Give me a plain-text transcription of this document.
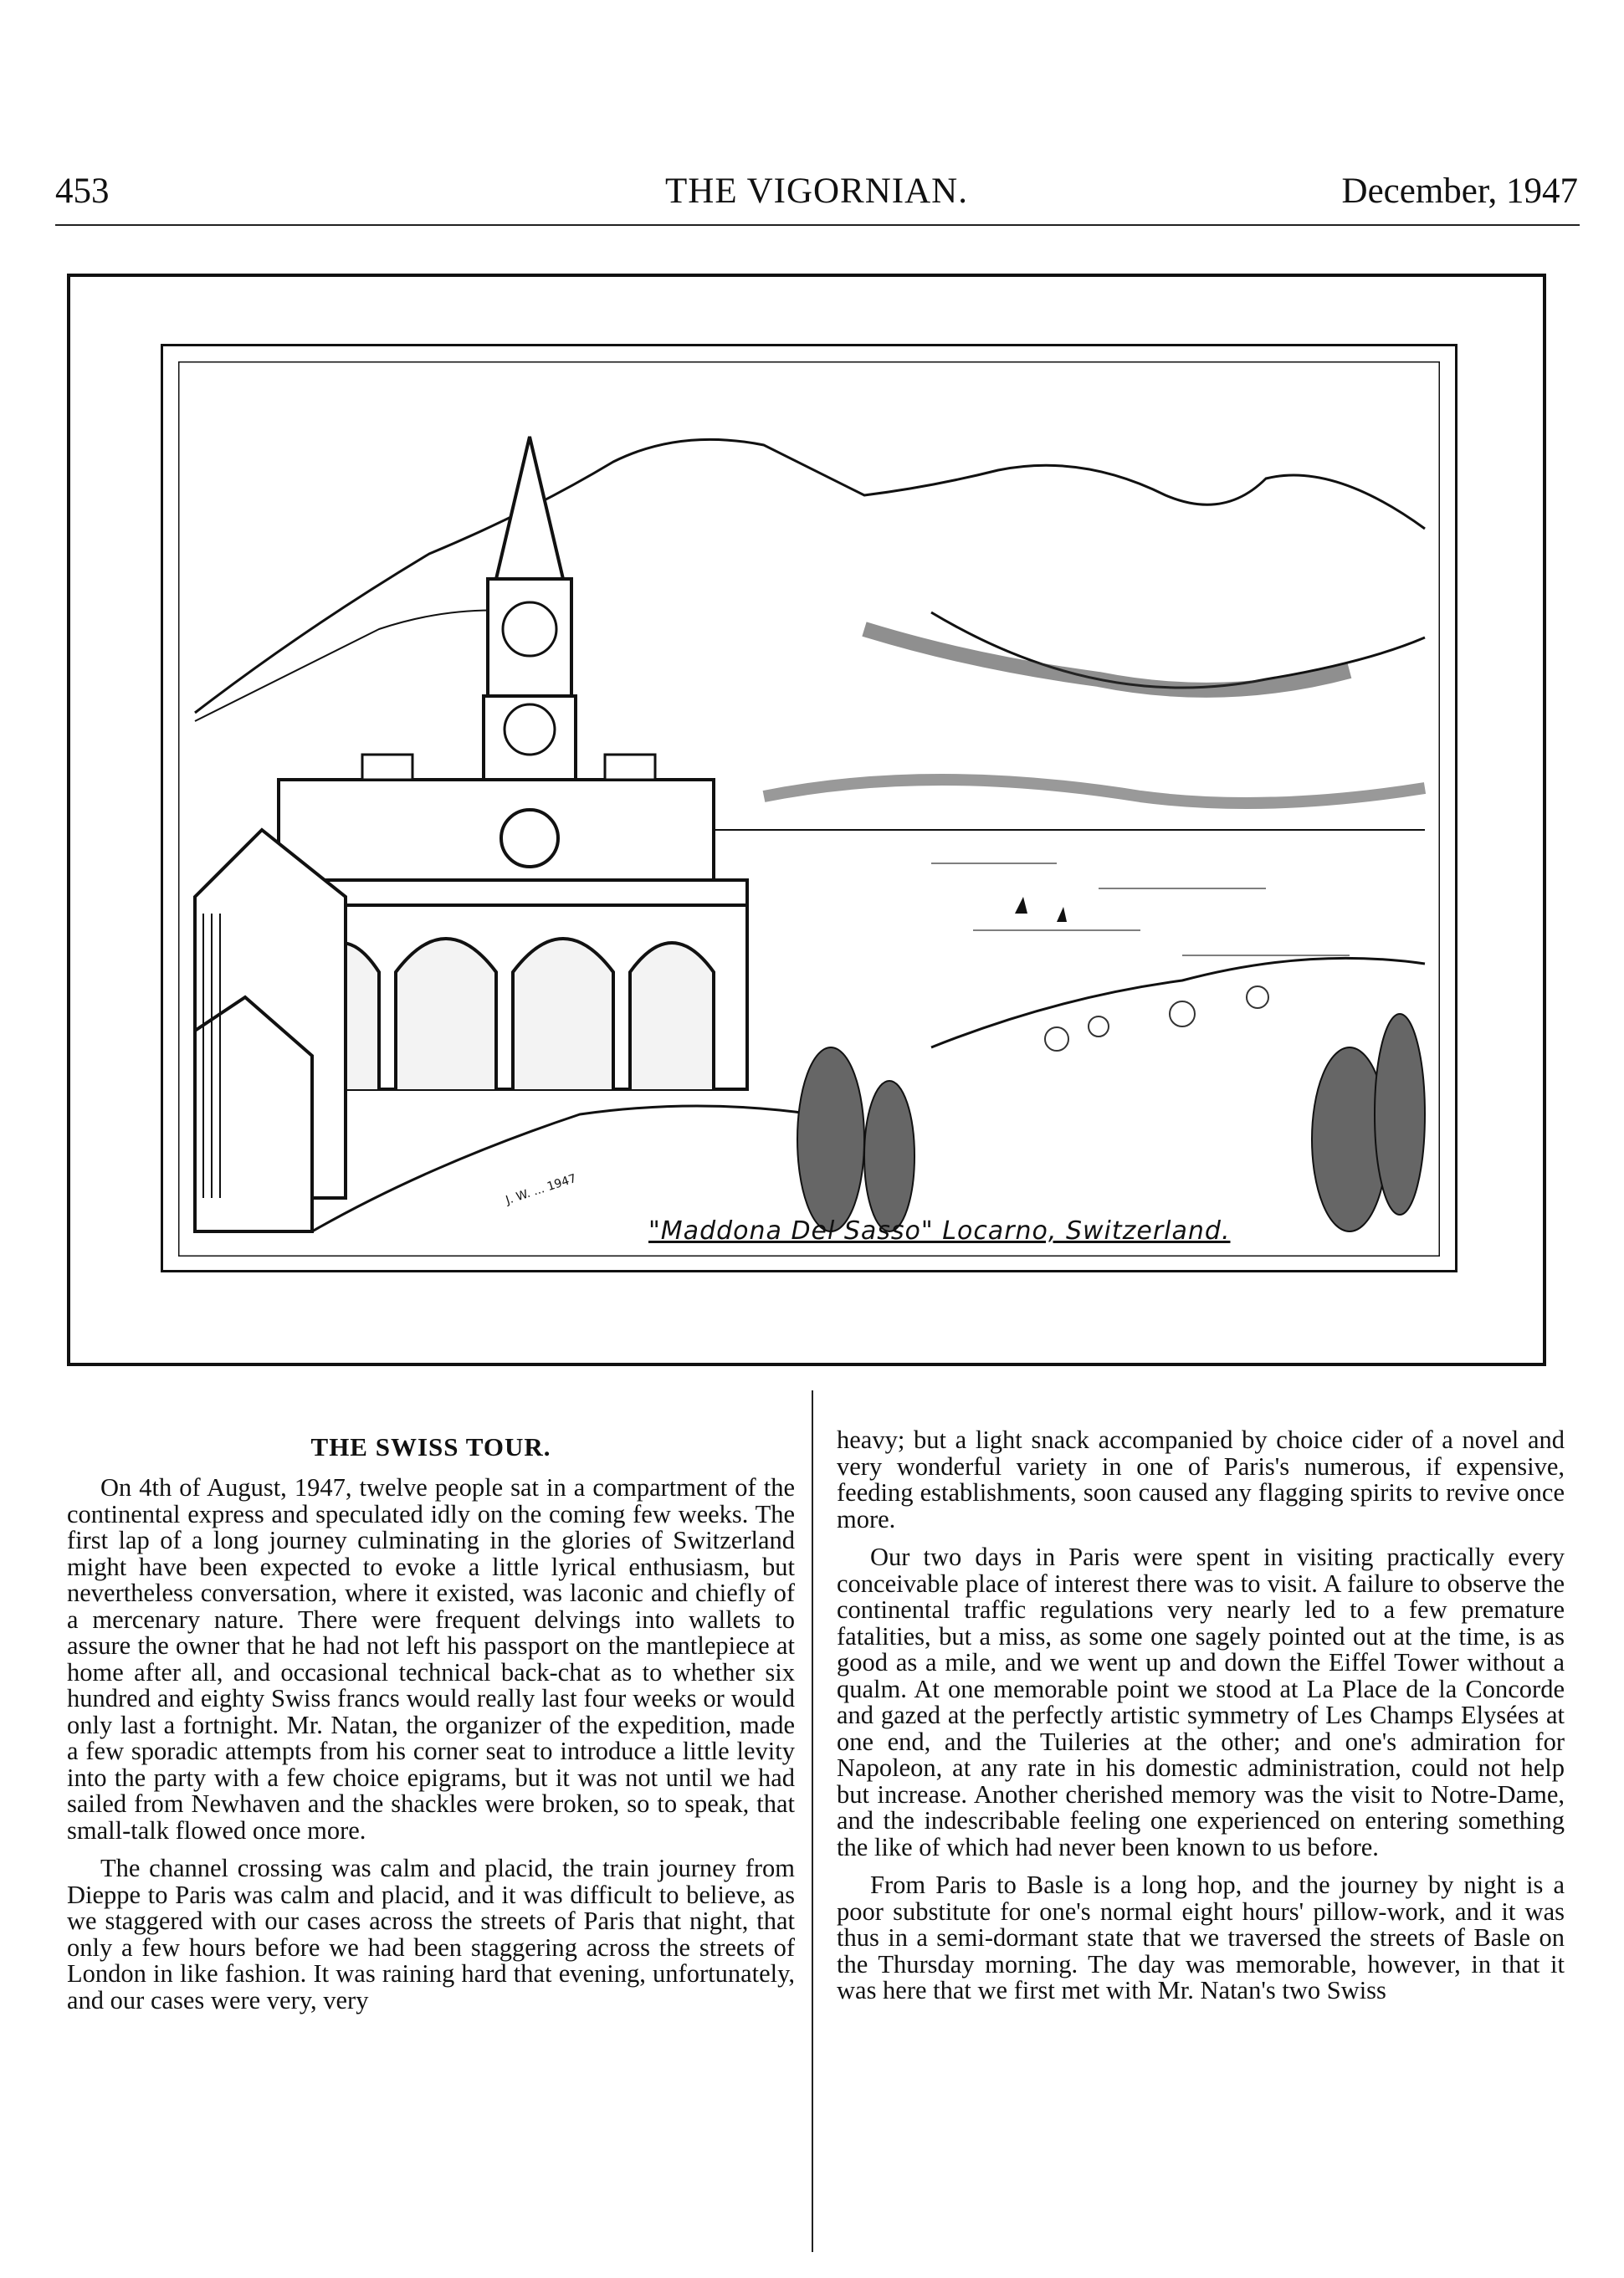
453	THE VIGORNIAN.	December, 1947
J. W. ... 1947
"Maddona Del Sasso" Locarno, Switzerland.
THE SWISS TOUR.

On 4th of August, 1947, twelve people sat in a compartment of the continental express and speculated idly on the coming few weeks. The first lap of a long journey culminating in the glories of Switzerland might have been expected to evoke a little lyrical enthusiasm, but nevertheless conversation, where it existed, was laconic and chiefly of a mercenary nature. There were frequent delvings into wallets to assure the owner that he had not left his passport on the mantlepiece at home after all, and occasional technical back-chat as to whether six hundred and eighty Swiss francs would really last four weeks or would only last a fortnight. Mr. Natan, the organizer of the expedition, made a few sporadic attempts from his corner seat to introduce a little levity into the party with a few choice epigrams, but it was not until we had sailed from Newhaven and the shackles were broken, so to speak, that small-talk flowed once more.

The channel crossing was calm and placid, the train journey from Dieppe to Paris was calm and placid, and it was difficult to believe, as we staggered with our cases across the streets of Paris that night, that only a few hours before we had been staggering across the streets of London in like fashion. It was raining hard that evening, unfortunately, and our cases were very, very

heavy; but a light snack accompanied by choice cider of a novel and very wonderful variety in one of Paris's numerous, if expensive, feeding establishments, soon caused any flagging spirits to revive once more.

Our two days in Paris were spent in visiting practically every conceivable place of interest there was to visit. A failure to observe the continental traffic regulations very nearly led to a few premature fatalities, but a miss, as some one sagely pointed out at the time, is as good as a mile, and we went up and down the Eiffel Tower without a qualm. At one memorable point we stood at La Place de la Concorde and gazed at the perfectly artistic symmetry of Les Champs Elysées at one end, and the Tuileries at the other; and one's admiration for Napoleon, at any rate in his domestic administration, could not help but increase. Another cherished memory was the visit to Notre-Dame, and the indescribable feeling one experienced on entering something the like of which had never been known to us before.

From Paris to Basle is a long hop, and the journey by night is a poor substitute for one's normal eight hours' pillow-work, and it was thus in a semi-dormant state that we traversed the streets of Basle on the Thursday morning. The day was memorable, however, in that it was here that we first met with Mr. Natan's two Swiss
